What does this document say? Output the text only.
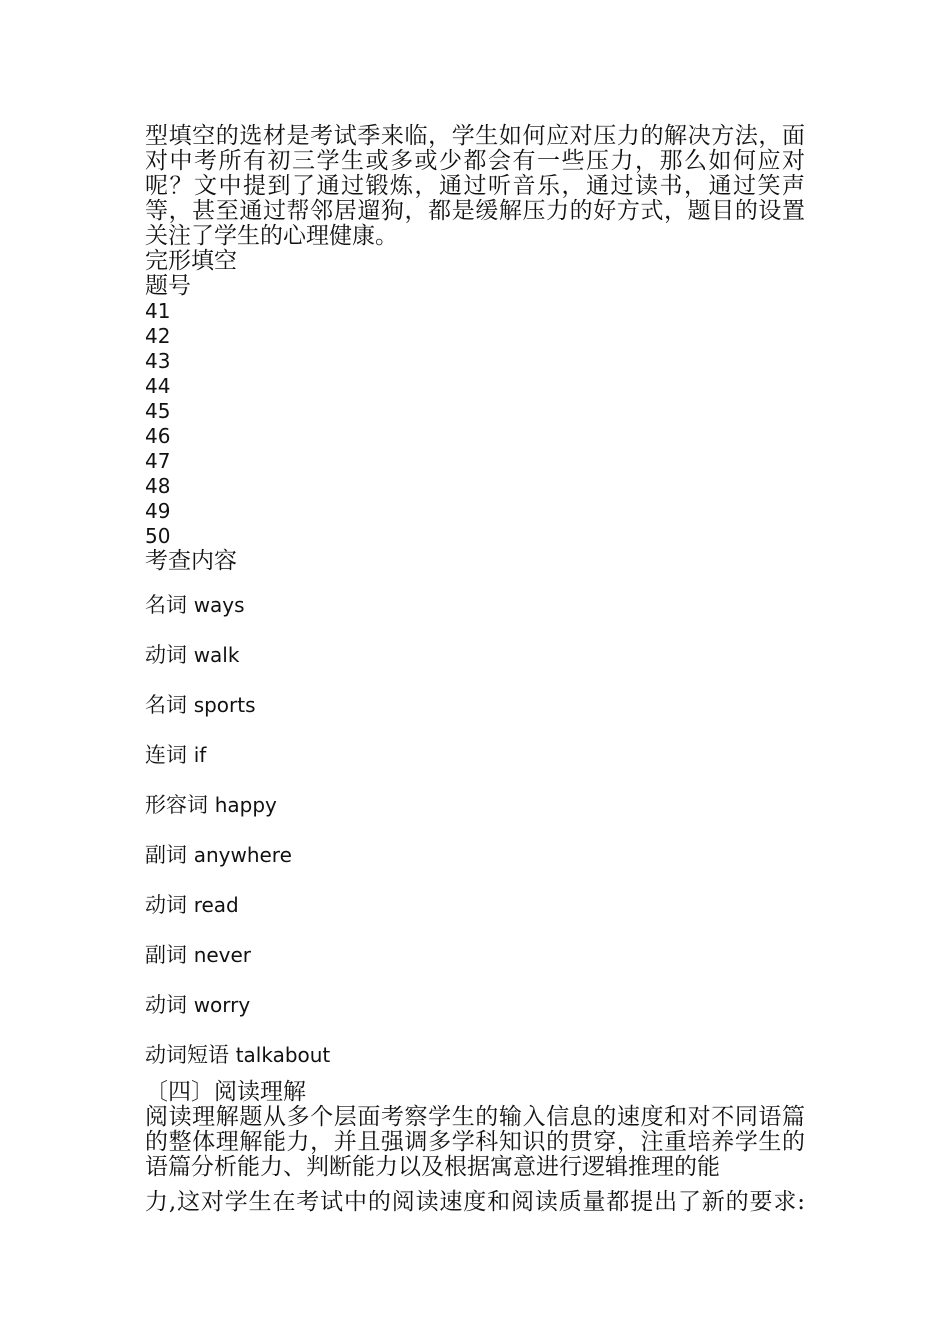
型填空的选材是考试季来临，学生如何应对压力的解决方法，面对中考所有初三学生或多或少都会有一些压力，那么如何应对呢？文中提到了通过锻炼，通过听音乐，通过读书，通过笑声等，甚至通过帮邻居遛狗，都是缓解压力的好方式，题目的设置关注了学生的心理健康。

完形填空

题号

41

42

43

44

45

46

47

48

49

50

考查内容

名词 ways

动词 walk

名词 sports

连词 if

形容词 happy

副词 anywhere

动词 read

副词 never

动词 worry

动词短语 talkabout

〔四〕阅读理解

阅读理解题从多个层面考察学生的输入信息的速度和对不同语篇的整体理解能力，并且强调多学科知识的贯穿，注重培养学生的语篇分析能力、判断能力以及根据寓意进行逻辑推理的能
力,这对学生在考试中的阅读速度和阅读质量都提出了新的要求:
